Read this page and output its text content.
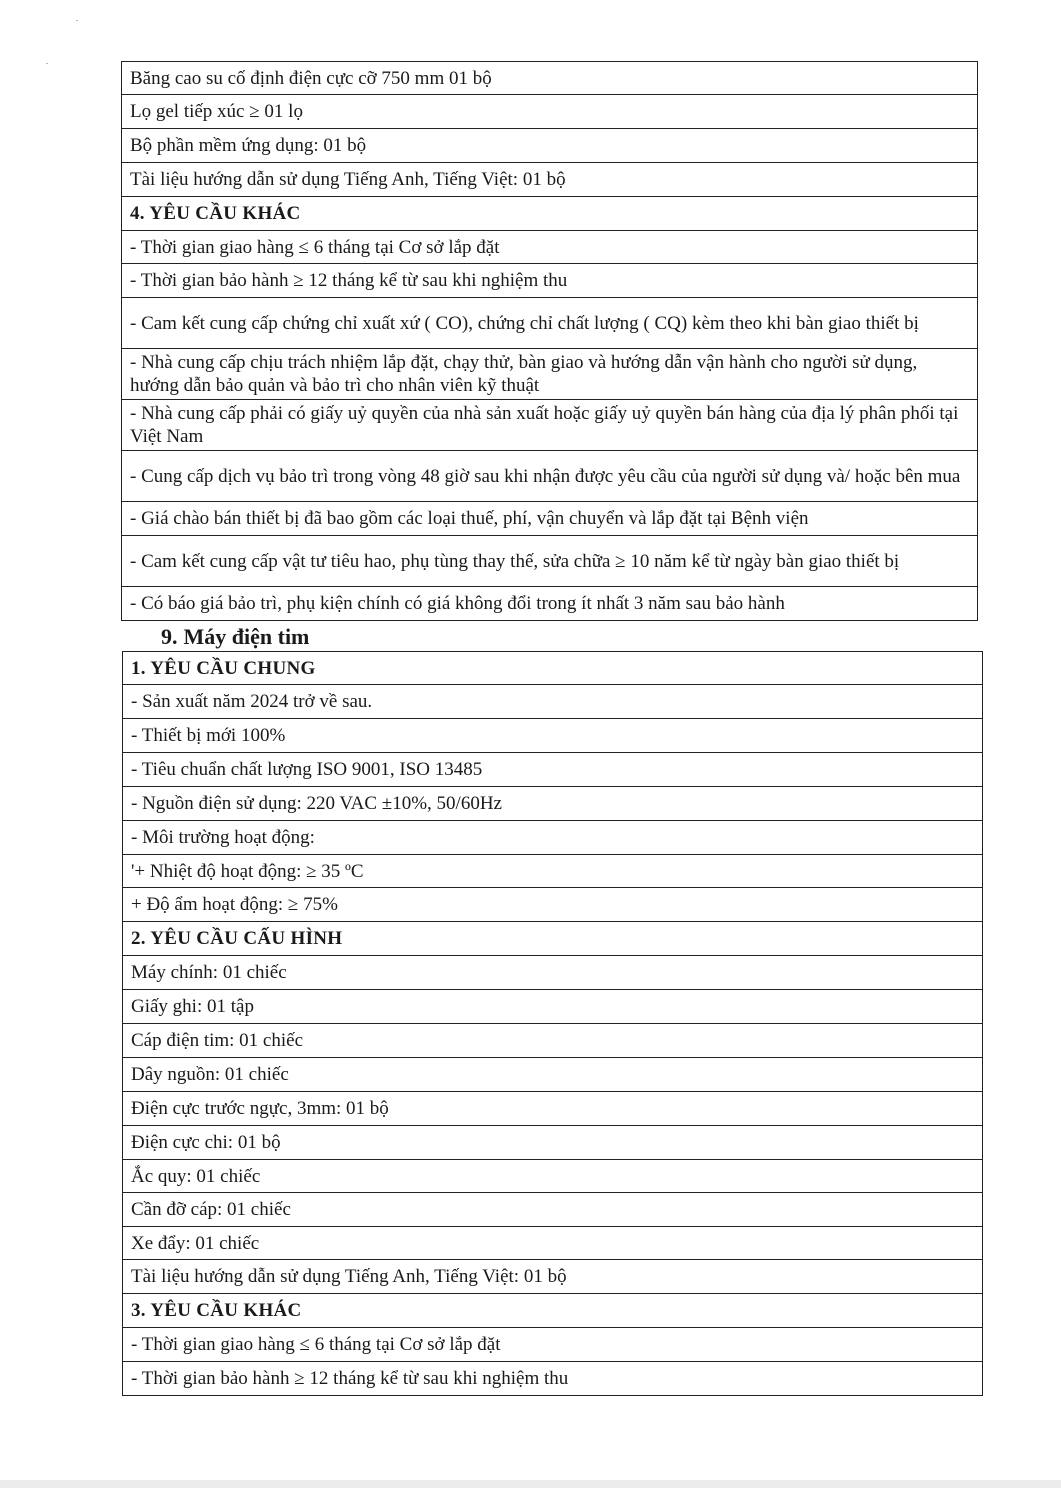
Băng cao su cố định điện cực cỡ 750 mm 01 bộ
Lọ gel tiếp xúc ≥ 01 lọ
Bộ phần mềm ứng dụng: 01 bộ
Tài liệu hướng dẫn sử dụng Tiếng Anh, Tiếng Việt: 01 bộ
4. YÊU CẦU KHÁC
- Thời gian giao hàng ≤ 6 tháng tại Cơ sở lắp đặt
- Thời gian bảo hành ≥ 12 tháng kể từ sau khi nghiệm thu
- Cam kết cung cấp chứng chỉ xuất xứ ( CO), chứng chỉ chất lượng ( CQ) kèm theo khi bàn giao thiết bị
- Nhà cung cấp chịu trách nhiệm lắp đặt, chạy thử, bàn giao và hướng dẫn vận hành cho người sử dụng, hướng dẫn bảo quản và bảo trì cho nhân viên kỹ thuật
- Nhà cung cấp phải có giấy uỷ quyền của nhà sản xuất hoặc giấy uỷ quyền bán hàng của địa lý phân phối tại Việt Nam
- Cung cấp dịch vụ bảo trì trong vòng 48 giờ sau khi nhận được yêu cầu của người sử dụng và/ hoặc bên mua
- Giá chào bán thiết bị đã bao gồm các loại thuế, phí, vận chuyển và lắp đặt tại Bệnh viện
- Cam kết cung cấp vật tư tiêu hao, phụ tùng thay thế, sửa chữa ≥ 10 năm kể từ ngày bàn giao thiết bị
- Có báo giá bảo trì, phụ kiện chính có giá không đổi trong ít nhất 3 năm sau bảo hành
9. Máy điện tim
1. YÊU CẦU CHUNG
- Sản xuất năm 2024 trở về sau.
- Thiết bị mới 100%
- Tiêu chuẩn chất lượng ISO 9001, ISO 13485
- Nguồn điện sử dụng: 220 VAC ±10%, 50/60Hz
- Môi trường hoạt động:
'+ Nhiệt độ hoạt động: ≥ 35 ºC
+ Độ ẩm hoạt động: ≥ 75%
2. YÊU CẦU CẤU HÌNH
Máy chính: 01 chiếc
Giấy ghi: 01 tập
Cáp điện tim: 01 chiếc
Dây nguồn: 01 chiếc
Điện cực trước ngực, 3mm: 01 bộ
Điện cực chi: 01 bộ
Ắc quy: 01 chiếc
Cần đỡ cáp: 01 chiếc
Xe đẩy: 01 chiếc
Tài liệu hướng dẫn sử dụng Tiếng Anh, Tiếng Việt: 01 bộ
3. YÊU CẦU KHÁC
- Thời gian giao hàng ≤ 6 tháng tại Cơ sở lắp đặt
- Thời gian bảo hành ≥ 12 tháng kể từ sau khi nghiệm thu
